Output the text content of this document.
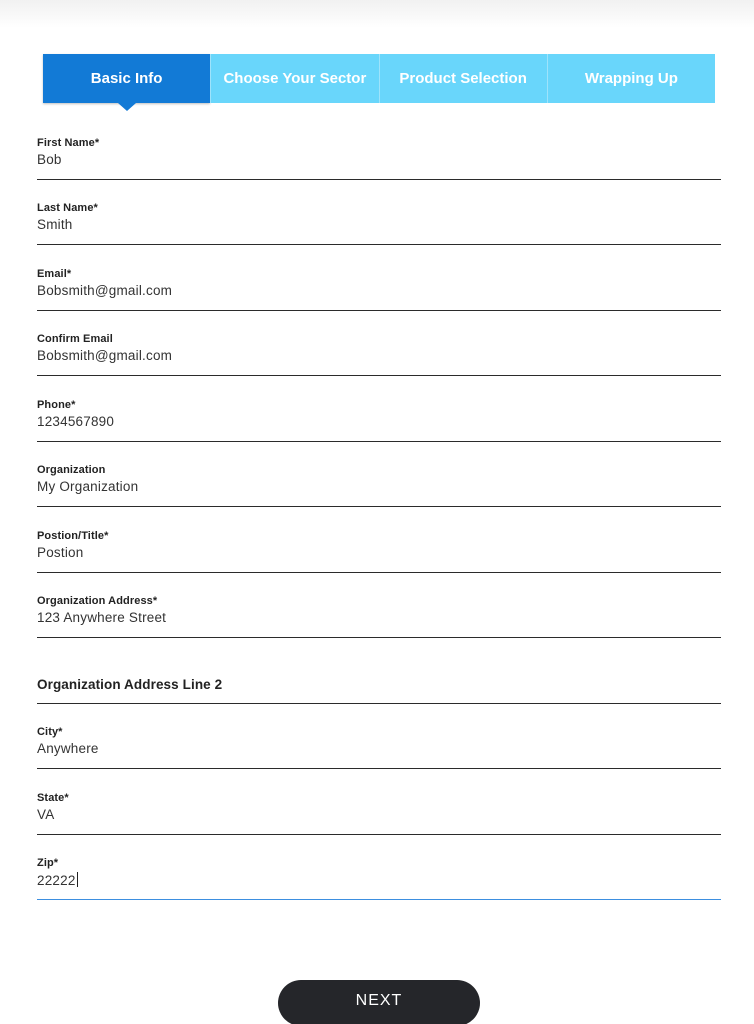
Basic Info	Choose Your Sector Product Selection	Wrapping Up
First Name*
Bob
Last Name*
Smith
Email*
Bobsmith@gmail.com
Confirm Email
Bobsmith@gmail.com
Phone*
1234567890
Organization
My Organization
Postion/Title*
Postion
Organization Address*
123 Anywhere Street
Organization Address Line 2
City*
Anywhere
State*
VA
Zip*
22222
NEXT
